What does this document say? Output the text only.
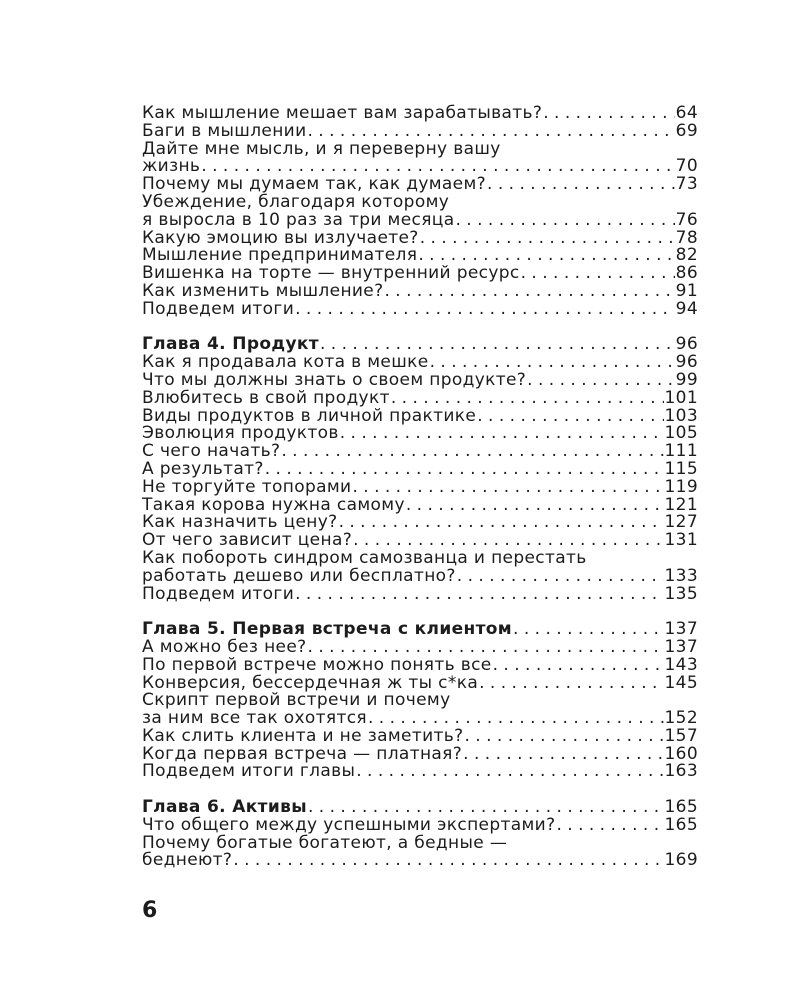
Как мышление мешает вам зарабатывать? . . .	64
Баги в мышлении . . .	69
Дайте мне мысль, и я переверну вашу
жизнь . . .	70
Почему мы думаем так, как думаем? . . .	73
Убеждение, благодаря которому
я выросла в 10 раз за три месяца . . .	76
Какую эмоцию вы излучаете? . . .	78
Мышление предпринимателя . . .	82
Вишенка на торте — внутренний ресурс . . .	86
Как изменить мышление? . . .	91
Подведем итоги . . .	94
Глава 4. Продукт . . .	96
Как я продавала кота в мешке . . .	96
Что мы должны знать о своем продукте? . . .	99
Влюбитесь в свой продукт . . .	101
Виды продуктов в личной практике . . .	103
Эволюция продуктов . . .	105
С чего начать? . . .	111
А результат? . . .	115
Не торгуйте топорами . . .	119
Такая корова нужна самому . . .	121
Как назначить цену? . . .	127
От чего зависит цена? . . .	131
Как побороть синдром самозванца и перестать
работать дешево или бесплатно? . . .	133
Подведем итоги . . .	135
Глава 5. Первая встреча с клиентом . . .	137
А можно без нее? . . .	137
По первой встрече можно понять все . . .	143
Конверсия, бессердечная ж ты с*ка . . .	145
Скрипт первой встречи и почему
за ним все так охотятся . . .	152
Как слить клиента и не заметить? . . .	157
Когда первая встреча — платная? . . .	160
Подведем итоги главы . . .	163
Глава 6. Активы . . .	165
Что общего между успешными экспертами? . . .	165
Почему богатые богатеют, а бедные —
беднеют? . . .	169
6
